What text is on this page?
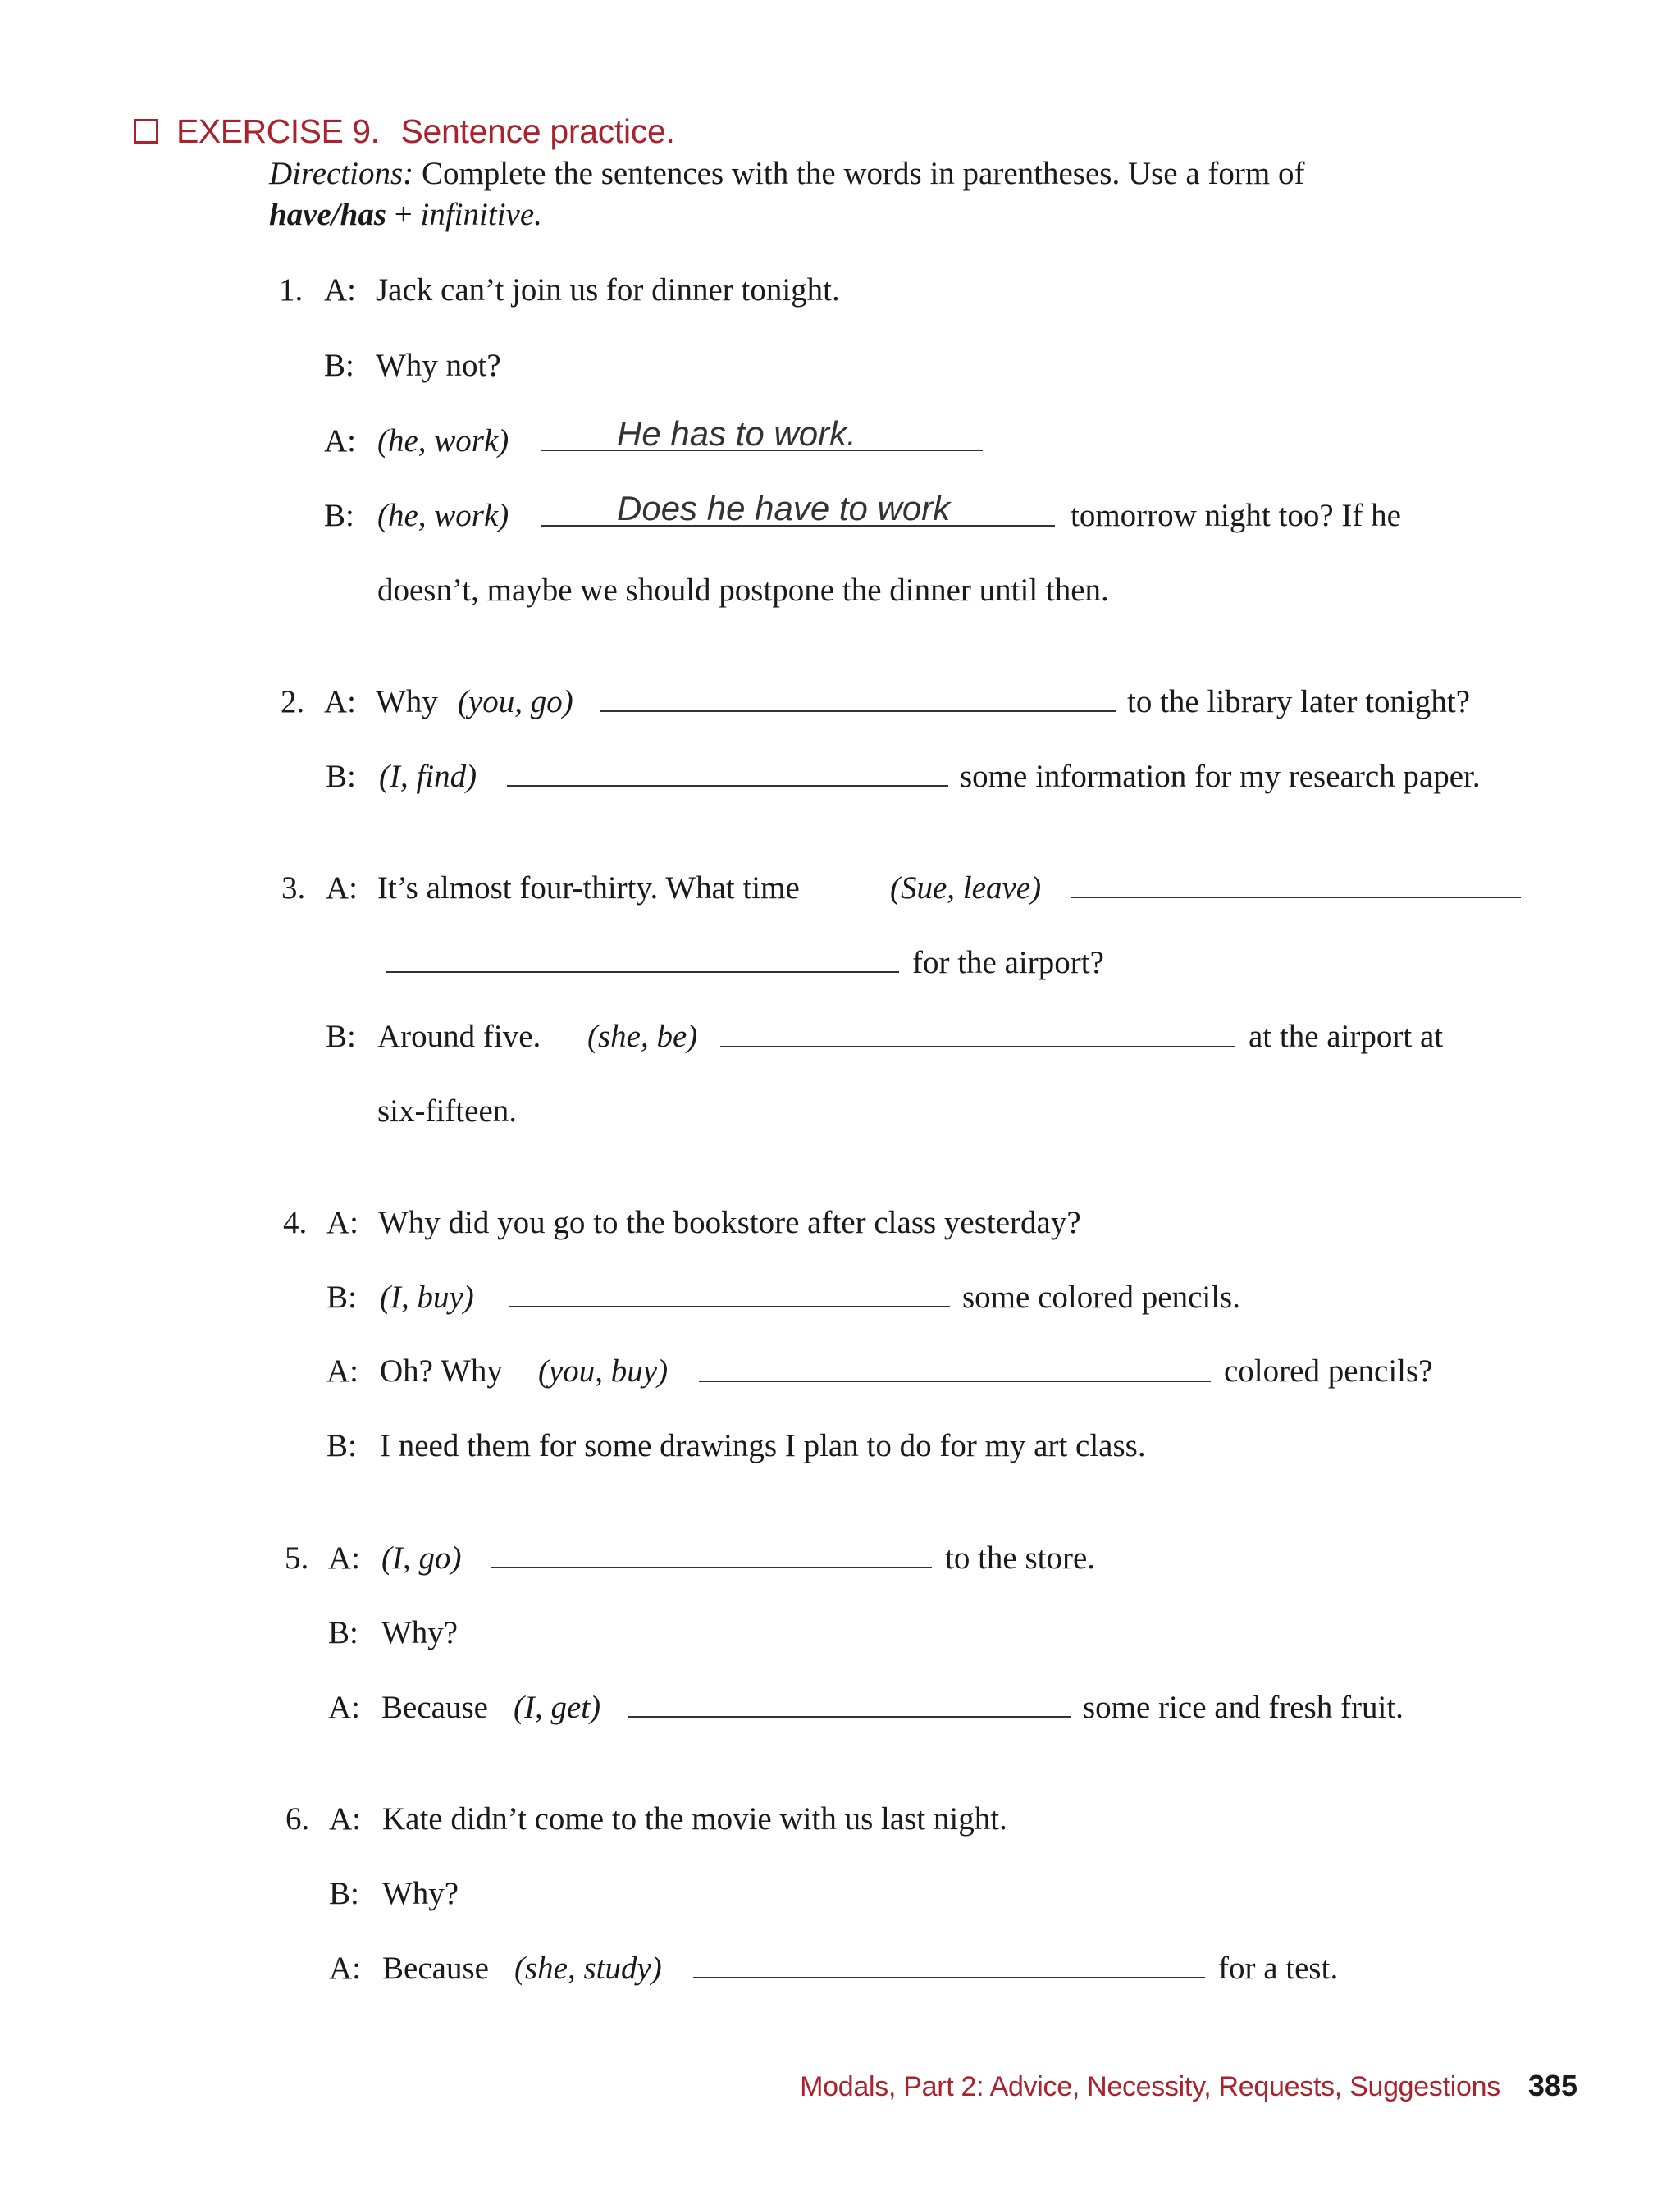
EXERCISE 9. Sentence practice.
Directions: Complete the sentences with the words in parentheses. Use a form of
have/has + infinitive.
1. A: Jack can’t join us for dinner tonight.
B: Why not?
A: (he, work)	He has to work.
B: (he, work)	Does he have to work	tomorrow night too? If he
doesn’t, maybe we should postpone the dinner until then.
2. A: Why (you, go)	to the library later tonight?
B: (I, find)	some information for my research paper.
3. A: It’s almost four-thirty. What time	(Sue, leave)
for the airport?
B: Around five. (she, be)	at the airport at
six-fifteen.
4. A: Why did you go to the bookstore after class yesterday?
B: (I, buy)	some colored pencils.
A: Oh? Why (you, buy)	colored pencils?
B: I need them for some drawings I plan to do for my art class.
5. A: (I, go)	to the store.
B: Why?
A: Because (I, get)	some rice and fresh fruit.
6. A: Kate didn’t come to the movie with us last night.
B: Why?
A: Because (she, study)	for a test.
Modals, Part 2: Advice, Necessity, Requests, Suggestions 385
